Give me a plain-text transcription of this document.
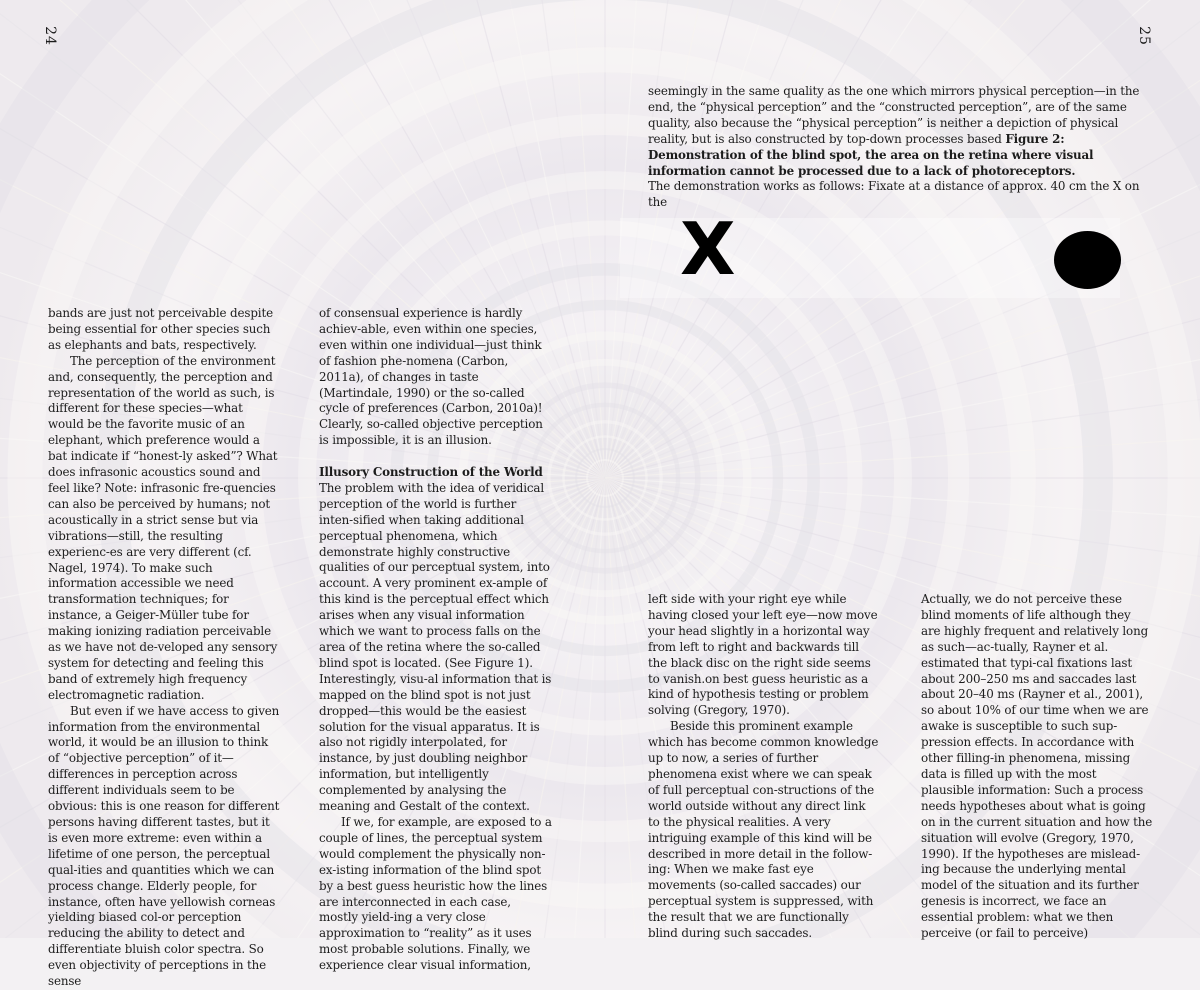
24	25

seemingly in the same quality as the one which mirrors physical perception—in the end, the “physical perception” and the “constructed perception”, are of the same quality, also because the “physical perception” is neither a depiction of physical reality, but is also constructed by top-down processes based Figure 2: Demonstration of the blind spot, the area on the retina where visual information cannot be processed due to a lack of photoreceptors.

The demonstration works as follows: Fixate at a distance of approx. 40 cm the X on the

X

bands are just not perceivable despite being essential for other species such as elephants and bats, respectively.

The perception of the environment and, consequently, the perception and representation of the world as such, is different for these species—what would be the favorite music of an elephant, which preference would a bat indicate if “honest-ly asked”? What does infrasonic acoustics sound and feel like? Note: infrasonic fre-quencies can also be perceived by humans; not acoustically in a strict sense but via vibrations—still, the resulting experienc-es are very different (cf. Nagel, 1974). To make such information accessible we need transformation techniques; for instance, a Geiger-Müller tube for making ionizing radiation perceivable as we have not de-veloped any sensory system for detecting and feeling this band of extremely high frequency electromagnetic radiation.

But even if we have access to given information from the environmental world, it would be an illusion to think of “objective perception” of it—differences in perception across different individuals seem to be obvious: this is one reason for different persons having different tastes, but it is even more extreme: even within a lifetime of one person, the perceptual qual-ities and quantities which we can process change. Elderly people, for instance, often have yellowish corneas yielding biased col-or perception reducing the ability to detect and differentiate bluish color spectra. So even objectivity of perceptions in the sense

of consensual experience is hardly achiev-able, even within one species, even within one individual—just think of fashion phe-nomena (Carbon, 2011a), of changes in taste (Martindale, 1990) or the so-called cycle of preferences (Carbon, 2010a)! Clearly, so-called objective perception is impossible, it is an illusion.

Illusory Construction of the World

The problem with the idea of veridical perception of the world is further inten-sified when taking additional perceptual phenomena, which demonstrate highly constructive qualities of our perceptual system, into account. A very prominent ex-ample of this kind is the perceptual effect which arises when any visual information which we want to process falls on the area of the retina where the so-called blind spot is located. (See Figure 1). Interestingly, visu-al information that is mapped on the blind spot is not just dropped—this would be the easiest solution for the visual apparatus. It is also not rigidly interpolated, for instance, by just doubling neighbor information, but intelligently complemented by analysing the meaning and Gestalt of the context.

If we, for example, are exposed to a couple of lines, the perceptual system would complement the physically non-ex-isting information of the blind spot by a best guess heuristic how the lines are interconnected in each case, mostly yield-ing a very close approximation to “reality” as it uses most probable solutions. Finally, we experience clear visual information,

left side with your right eye while having closed your left eye—now move your head slightly in a horizontal way from left to right and backwards till the black disc on the right side seems to vanish.on best guess heuristic as a kind of hypothesis testing or problem solving (Gregory, 1970).

Beside this prominent example which has become common knowledge up to now, a series of further phenomena exist where we can speak of full perceptual con-structions of the world outside without any direct link to the physical realities. A very intriguing example of this kind will be described in more detail in the follow-ing: When we make fast eye movements (so-called saccades) our perceptual system is suppressed, with the result that we are functionally blind during such saccades.

Actually, we do not perceive these blind moments of life although they are highly frequent and relatively long as such—ac-tually, Rayner et al. estimated that typi-cal fixations last about 200–250 ms and saccades last about 20–40 ms (Rayner et al., 2001), so about 10% of our time when we are awake is susceptible to such sup-pression effects. In accordance with other filling-in phenomena, missing data is filled up with the most plausible information: Such a process needs hypotheses about what is going on in the current situation and how the situation will evolve (Gregory, 1970, 1990). If the hypotheses are mislead-ing because the underlying mental model of the situation and its further genesis is incorrect, we face an essential problem: what we then perceive (or fail to perceive)
